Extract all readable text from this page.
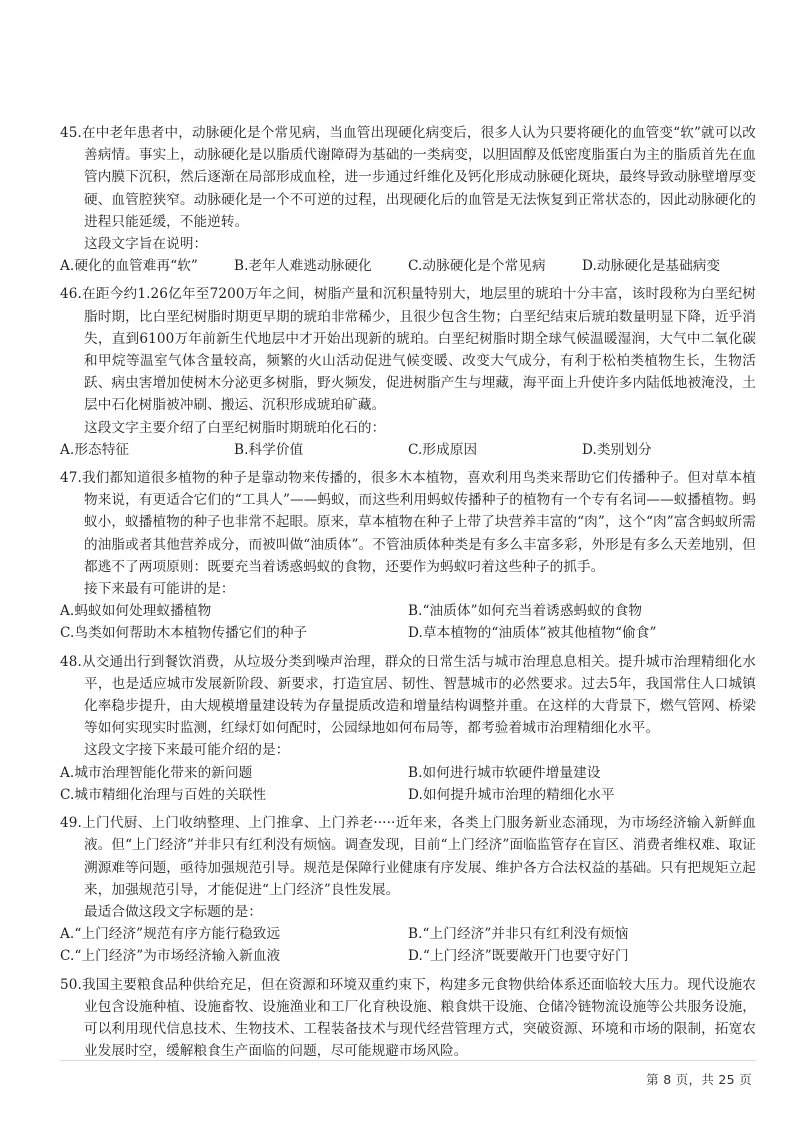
45.在中老年患者中，动脉硬化是个常见病，当血管出现硬化病变后，很多人认为只要将硬化的血管变“软”就可以改善病情。事实上，动脉硬化是以脂质代谢障碍为基础的一类病变，以胆固醇及低密度脂蛋白为主的脂质首先在血管内膜下沉积，然后逐渐在局部形成血栓，进一步通过纤维化及钙化形成动脉硬化斑块，最终导致动脉壁增厚变硬、血管腔狭窄。动脉硬化是一个不可逆的过程，出现硬化后的血管是无法恢复到正常状态的，因此动脉硬化的进程只能延缓，不能逆转。
这段文字旨在说明：
A.硬化的血管难再“软”	B.老年人难逃动脉硬化	C.动脉硬化是个常见病	D.动脉硬化是基础病变
46.在距今约1.26亿年至7200万年之间，树脂产量和沉积量特别大，地层里的琥珀十分丰富，该时段称为白垩纪树脂时期，比白垩纪树脂时期更早期的琥珀非常稀少，且很少包含生物；白垩纪结束后琥珀数量明显下降，近乎消失，直到6100万年前新生代地层中才开始出现新的琥珀。白垩纪树脂时期全球气候温暖湿润，大气中二氧化碳和甲烷等温室气体含量较高，频繁的火山活动促进气候变暖、改变大气成分，有利于松柏类植物生长，生物活跃、病虫害增加使树木分泌更多树脂，野火频发，促进树脂产生与埋藏，海平面上升使许多内陆低地被淹没，土层中石化树脂被冲刷、搬运、沉积形成琥珀矿藏。
这段文字主要介绍了白垩纪树脂时期琥珀化石的：
A.形态特征	B.科学价值	C.形成原因	D.类别划分
47.我们都知道很多植物的种子是靠动物来传播的，很多木本植物，喜欢利用鸟类来帮助它们传播种子。但对草本植物来说，有更适合它们的“工具人”——蚂蚁，而这些利用蚂蚁传播种子的植物有一个专有名词——蚁播植物。蚂蚁小，蚁播植物的种子也非常不起眼。原来，草本植物在种子上带了块营养丰富的“肉”，这个“肉”富含蚂蚁所需的油脂或者其他营养成分，而被叫做“油质体”。不管油质体种类是有多么丰富多彩，外形是有多么天差地别，但都逃不了两项原则：既要充当着诱惑蚂蚁的食物，还要作为蚂蚁叼着这些种子的抓手。
接下来最有可能讲的是：
A.蚂蚁如何处理蚁播植物	B.“油质体”如何充当着诱惑蚂蚁的食物
C.鸟类如何帮助木本植物传播它们的种子	D.草本植物的“油质体”被其他植物“偷食”
48.从交通出行到餐饮消费，从垃圾分类到噪声治理，群众的日常生活与城市治理息息相关。提升城市治理精细化水平，也是适应城市发展新阶段、新要求，打造宜居、韧性、智慧城市的必然要求。过去5年，我国常住人口城镇化率稳步提升，由大规模增量建设转为存量提质改造和增量结构调整并重。在这样的大背景下，燃气管网、桥梁等如何实现实时监测，红绿灯如何配时，公园绿地如何布局等，都考验着城市治理精细化水平。
这段文字接下来最可能介绍的是：
A.城市治理智能化带来的新问题	B.如何进行城市软硬件增量建设
C.城市精细化治理与百姓的关联性	D.如何提升城市治理的精细化水平
49.上门代厨、上门收纳整理、上门推拿、上门养老·····近年来，各类上门服务新业态涌现，为市场经济输入新鲜血液。但“上门经济”并非只有红利没有烦恼。调查发现，目前“上门经济”面临监管存在盲区、消费者维权难、取证溯源难等问题，亟待加强规范引导。规范是保障行业健康有序发展、维护各方合法权益的基础。只有把规矩立起来，加强规范引导，才能促进“上门经济”良性发展。
最适合做这段文字标题的是：
A.“上门经济”规范有序方能行稳致远	B.“上门经济”并非只有红利没有烦恼
C.“上门经济”为市场经济输入新血液	D.“上门经济”既要敞开门也要守好门
50.我国主要粮食品种供给充足，但在资源和环境双重约束下，构建多元食物供给体系还面临较大压力。现代设施农业包含设施种植、设施畜牧、设施渔业和工厂化育秧设施、粮食烘干设施、仓储冷链物流设施等公共服务设施，可以利用现代信息技术、生物技术、工程装备技术与现代经营管理方式，突破资源、环境和市场的限制，拓宽农业发展时空，缓解粮食生产面临的问题，尽可能规避市场风险。
第 8 页，共 25 页
